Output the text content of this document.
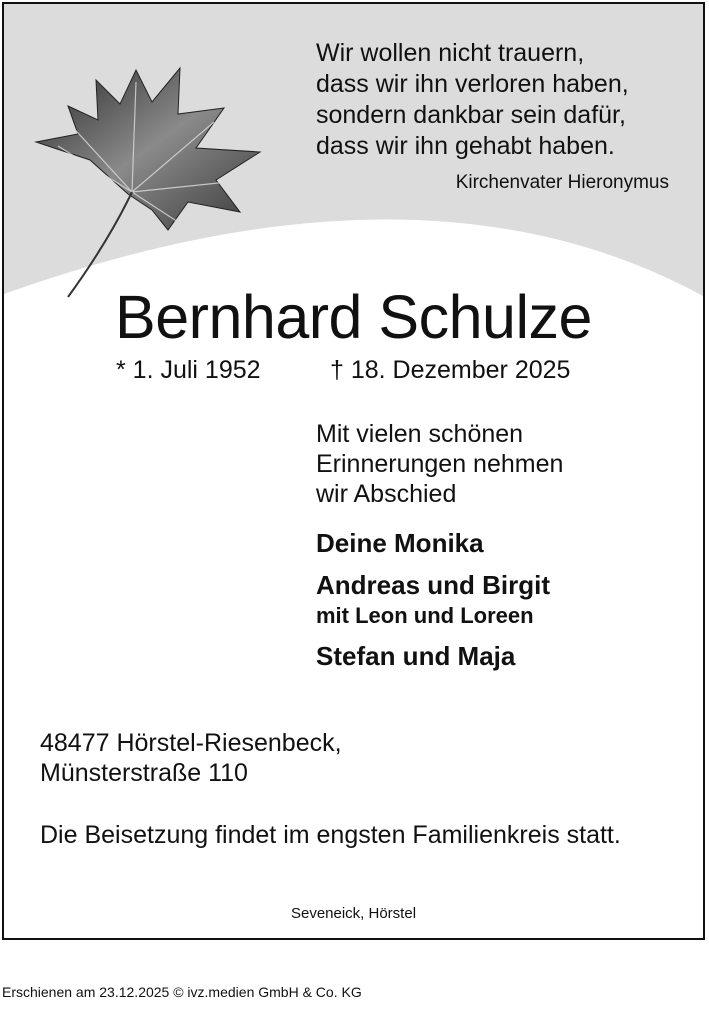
Wir wollen nicht trauern,
dass wir ihn verloren haben,
sondern dankbar sein dafür,
dass wir ihn gehabt haben.
Kirchenvater Hieronymus
Bernhard Schulze
* 1. Juli 1952	† 18. Dezember 2025
Mit vielen schönen
Erinnerungen nehmen
wir Abschied
Deine Monika
Andreas und Birgit
mit Leon und Loreen
Stefan und Maja
48477 Hörstel-Riesenbeck,
Münsterstraße 110
Die Beisetzung findet im engsten Familienkreis statt.
Seveneick, Hörstel
Erschienen am 23.12.2025 © ivz.medien GmbH & Co. KG
